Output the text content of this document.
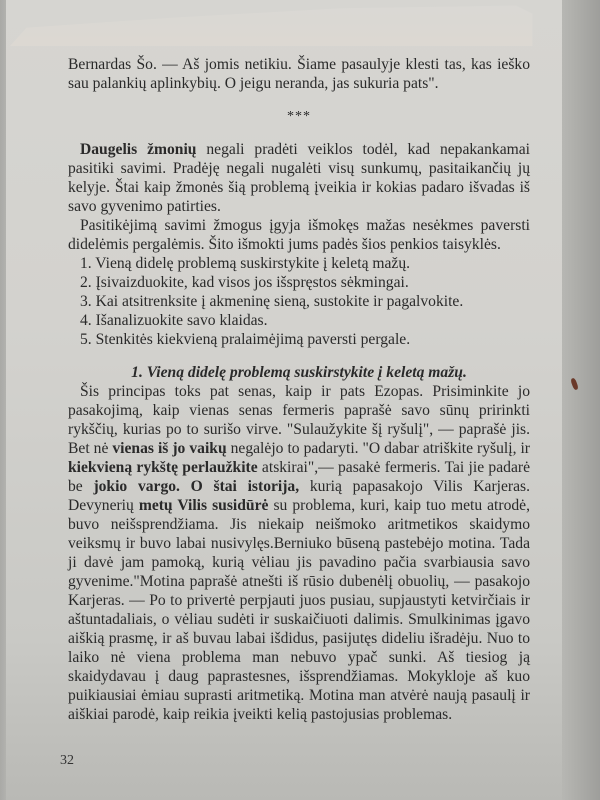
Bernardas Šo. — Aš jomis netikiu. Šiame pasaulyje klesti tas, kas ieško sau palankių aplinkybių. O jeigu neranda, jas sukuria pats".

***

Daugelis žmonių negali pradėti veiklos todėl, kad nepakankamai pasitiki savimi. Pradėję negali nugalėti visų sunkumų, pasitaikančių jų kelyje. Štai kaip žmonės šią problemą įveikia ir kokias padaro išvadas iš savo gyvenimo patirties.

Pasitikėjimą savimi žmogus įgyja išmokęs mažas nesėkmes paversti didelėmis pergalėmis. Šito išmokti jums padės šios penkios taisyklės.

1. Vieną didelę problemą suskirstykite į keletą mažų.
2. Įsivaizduokite, kad visos jos išspręstos sėkmingai.
3. Kai atsitrenksite į akmeninę sieną, sustokite ir pagalvokite.
4. Išanalizuokite savo klaidas.
5. Stenkitės kiekvieną pralaimėjimą paversti pergale.

1. Vieną didelę problemą suskirstykite į keletą mažų.

Šis principas toks pat senas, kaip ir pats Ezopas. Prisiminkite jo pasakojimą, kaip vienas senas fermeris paprašė savo sūnų pririnkti rykščių, kurias po to surišo virve. "Sulaužykite šį ryšulį", — paprašė jis. Bet nė vienas iš jo vaikų negalėjo to padaryti. "O dabar atriškite ryšulį, ir kiekvieną rykštę perlaužkite atskirai",— pasakė fermeris. Tai jie padarė be jokio vargo. O štai istorija, kurią papasakojo Vilis Karjeras. Devynerių metų Vilis susidūrė su problema, kuri, kaip tuo metu atrodė, buvo neišsprendžiama. Jis niekaip neišmoko aritmetikos skaidymo veiksmų ir buvo labai nusivylęs.Berniuko būseną pastebėjo motina. Tada ji davė jam pamoką, kurią vėliau jis pavadino pačia svarbiausia savo gyvenime."Motina paprašė atnešti iš rūsio dubenėlį obuolių, — pasakojo Karjeras. — Po to privertė perpjauti juos pusiau, supjaustyti ketvirčiais ir aštuntadaliais, o vėliau sudėti ir suskaičiuoti dalimis. Smulkinimas įgavo aiškią prasmę, ir aš buvau labai išdidus, pasijutęs dideliu išradėju. Nuo to laiko nė viena problema man nebuvo ypač sunki. Aš tiesiog ją skaidydavau į daug paprastesnes, išsprendžiamas. Mokykloje aš kuo puikiausiai ėmiau suprasti aritmetiką. Motina man atvėrė naują pasaulį ir aiškiai parodė, kaip reikia įveikti kelią pastojusias problemas.

32
